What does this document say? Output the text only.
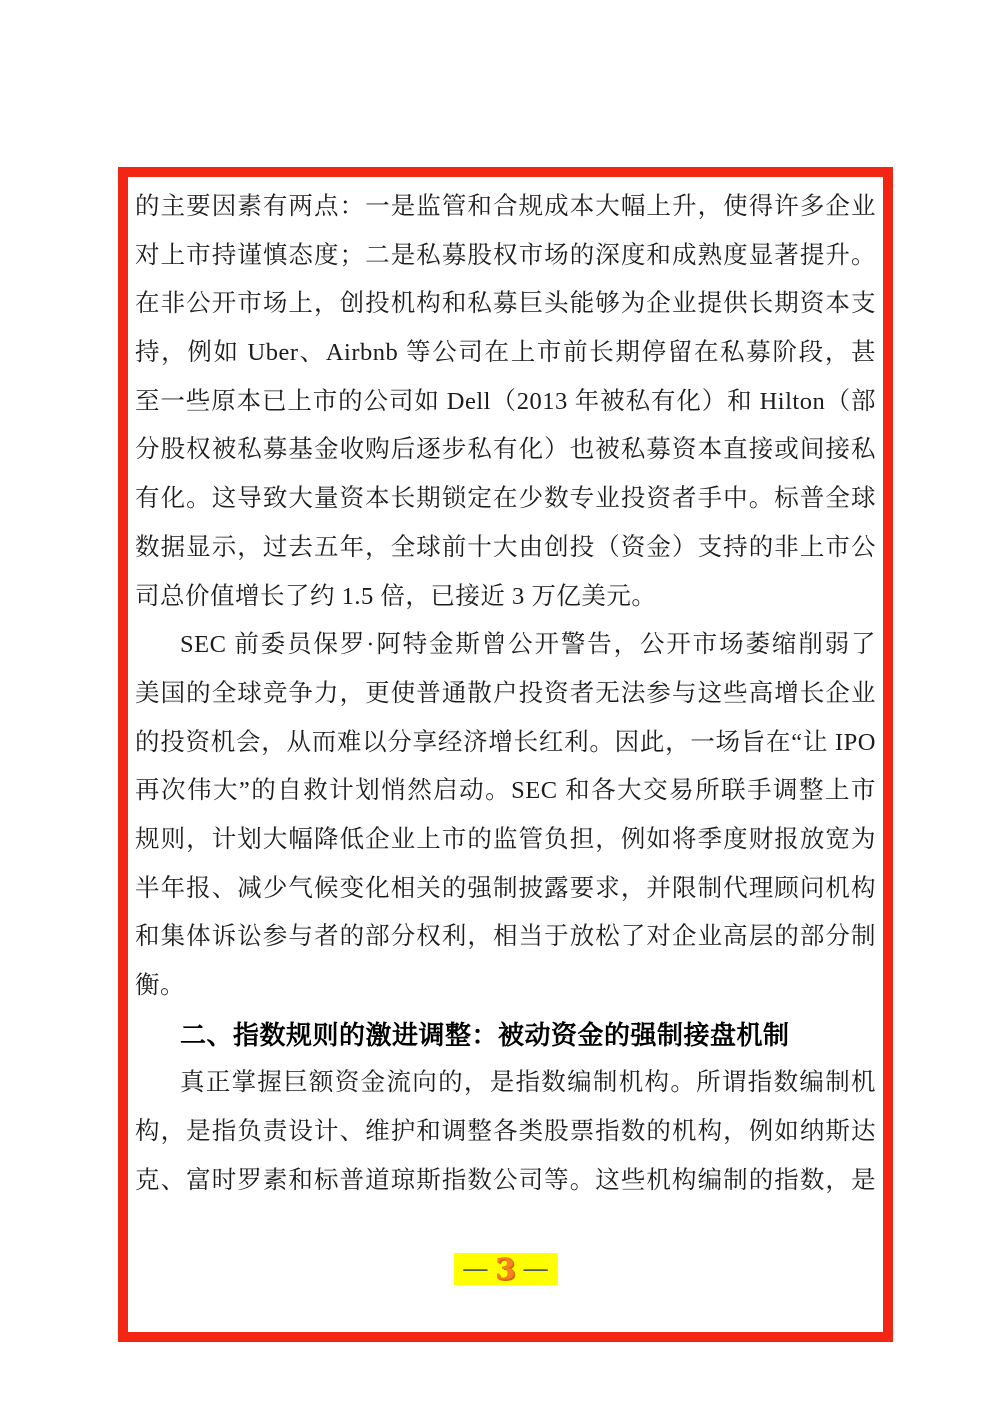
的主要因素有两点：一是监管和合规成本大幅上升，使得许多企业
对上市持谨慎态度；二是私募股权市场的深度和成熟度显著提升。
在非公开市场上，创投机构和私募巨头能够为企业提供长期资本支
持，例如 Uber、Airbnb 等公司在上市前长期停留在私募阶段，甚
至一些原本已上市的公司如 Dell（2013 年被私有化）和 Hilton（部
分股权被私募基金收购后逐步私有化）也被私募资本直接或间接私
有化。这导致大量资本长期锁定在少数专业投资者手中。标普全球
数据显示，过去五年，全球前十大由创投（资金）支持的非上市公
司总价值增长了约 1.5 倍，已接近 3 万亿美元。
SEC 前委员保罗·阿特金斯曾公开警告，公开市场萎缩削弱了
美国的全球竞争力，更使普通散户投资者无法参与这些高增长企业
的投资机会，从而难以分享经济增长红利。因此，一场旨在“让 IPO
再次伟大”的自救计划悄然启动。SEC 和各大交易所联手调整上市
规则，计划大幅降低企业上市的监管负担，例如将季度财报放宽为
半年报、减少气候变化相关的强制披露要求，并限制代理顾问机构
和集体诉讼参与者的部分权利，相当于放松了对企业高层的部分制
衡。
二、指数规则的激进调整：被动资金的强制接盘机制
真正掌握巨额资金流向的，是指数编制机构。所谓指数编制机
构，是指负责设计、维护和调整各类股票指数的机构，例如纳斯达
克、富时罗素和标普道琼斯指数公司等。这些机构编制的指数，是
— 3 —
